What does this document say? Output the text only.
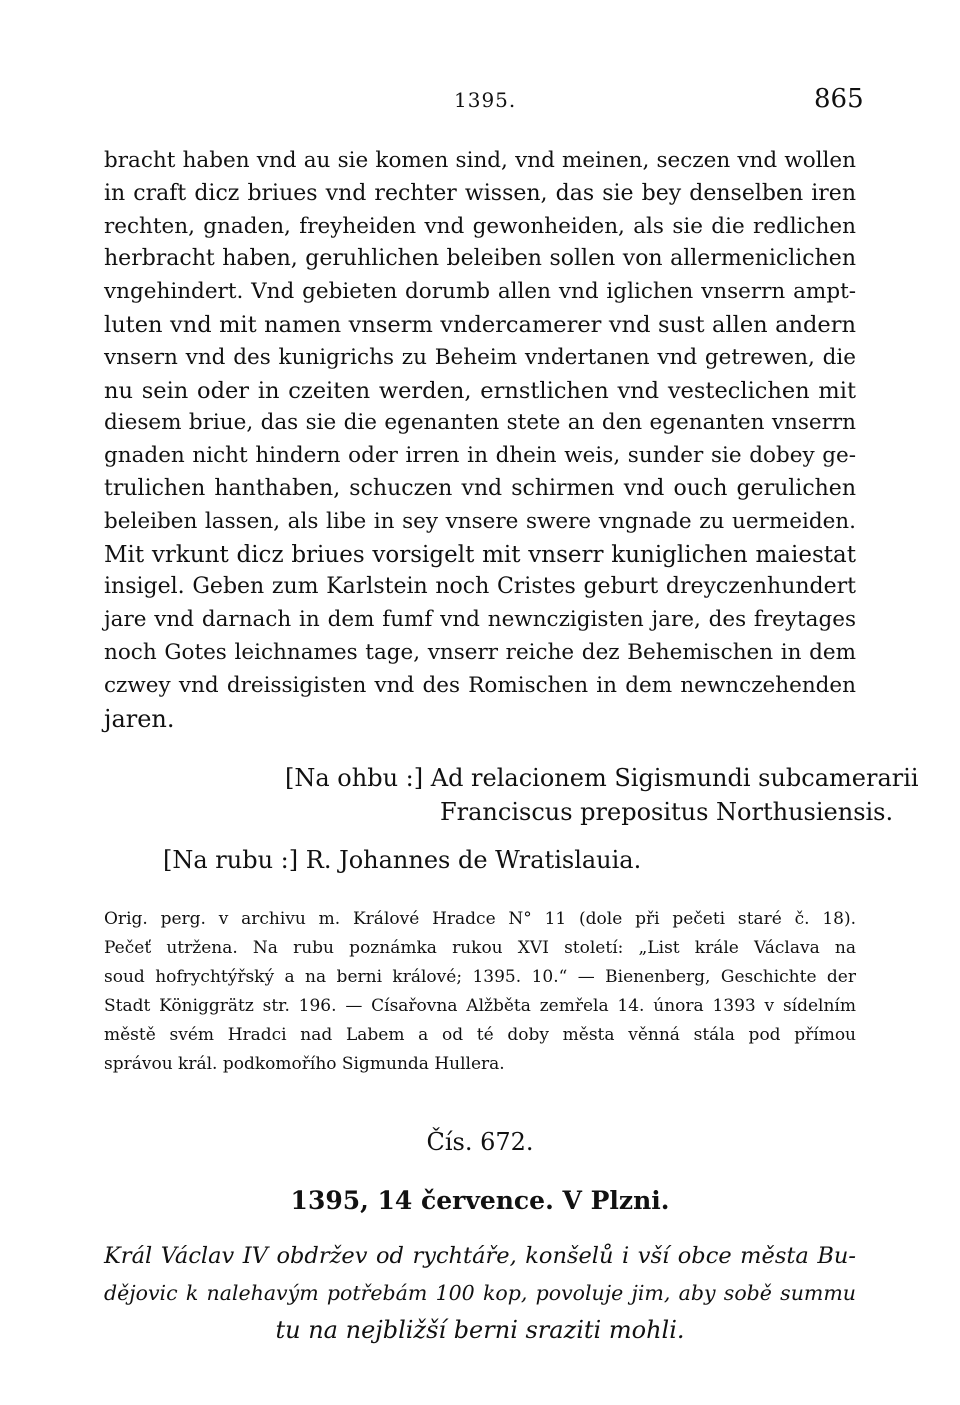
1395.	865
bracht haben vnd au sie komen sind, vnd meinen, seczen vnd wollen
in craft dicz briues vnd rechter wissen, das sie bey denselben iren
rechten, gnaden, freyheiden vnd gewonheiden, als sie die redlichen
herbracht haben, geruhlichen beleiben sollen von allermeniclichen
vngehindert. Vnd gebieten dorumb allen vnd iglichen vnserrn ampt-
luten vnd mit namen vnserm vndercamerer vnd sust allen andern
vnsern vnd des kunigrichs zu Beheim vndertanen vnd getrewen, die
nu sein oder in czeiten werden, ernstlichen vnd vesteclichen mit
diesem briue, das sie die egenanten stete an den egenanten vnserrn
gnaden nicht hindern oder irren in dhein weis, sunder sie dobey ge-
trulichen hanthaben, schuczen vnd schirmen vnd ouch gerulichen
beleiben lassen, als libe in sey vnsere swere vngnade zu uermeiden.
Mit vrkunt dicz briues vorsigelt mit vnserr kuniglichen maiestat
insigel. Geben zum Karlstein noch Cristes geburt dreyczenhundert
jare vnd darnach in dem fumf vnd newnczigisten jare, des freytages
noch Gotes leichnames tage, vnserr reiche dez Behemischen in dem
czwey vnd dreissigisten vnd des Romischen in dem newnczehenden
jaren.
[Na ohbu :] Ad relacionem Sigismundi subcamerarii
Franciscus prepositus Northusiensis.
[Na rubu :] R. Johannes de Wratislauia.
Orig. perg. v archivu m. Králové Hradce N° 11 (dole při pečeti staré č. 18).
Pečeť utržena. Na rubu poznámka rukou XVI století: „List krále Václava na
soud hofrychtýřský a na berni králové; 1395. 10.“ — Bienenberg, Geschichte der
Stadt Königgrätz str. 196. — Císařovna Alžběta zemřela 14. února 1393 v sídelním
městě svém Hradci nad Labem a od té doby města věnná stála pod přímou
správou král. podkomořího Sigmunda Hullera.
Čís. 672.
1395, 14 července. V Plzni.
Král Václav IV obdržev od rychtáře, konšelů i vší obce města Bu-
dějovic k nalehavým potřebám 100 kop, povoluje jim, aby sobě summu
tu na nejbližší berni sraziti mohli.
